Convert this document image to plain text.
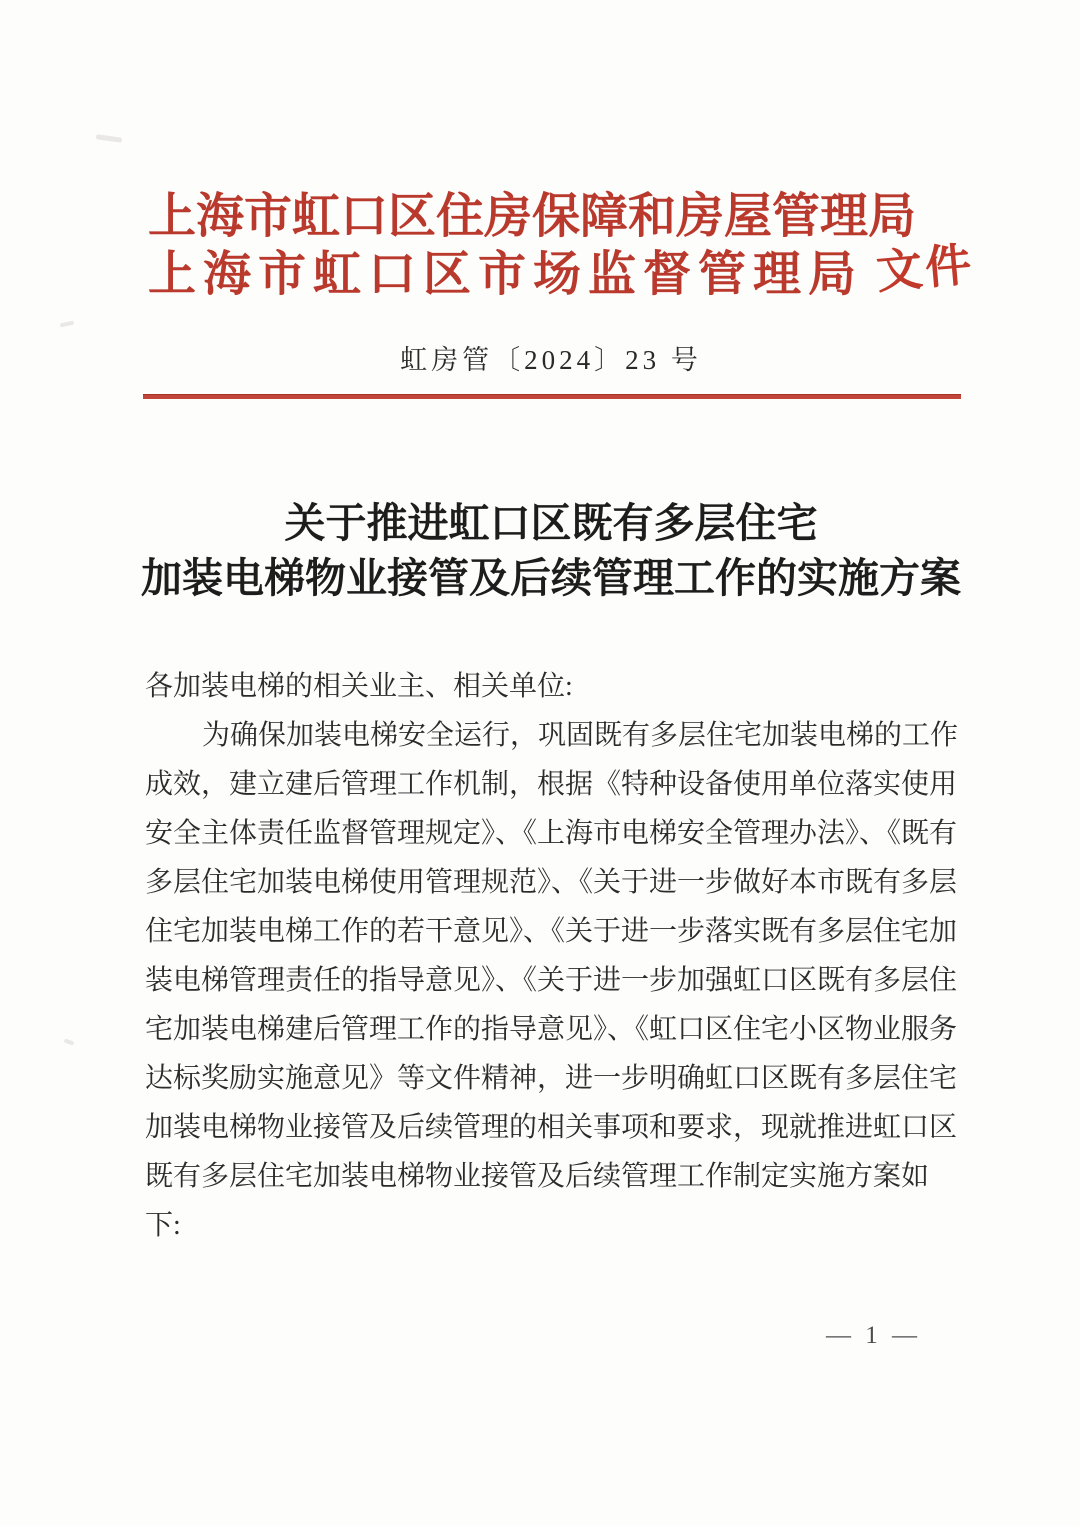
上海市虹口区住房保障和房屋管理局
上海市虹口区市场监督管理局 文件
虹房管〔2024〕23 号
关于推进虹口区既有多层住宅
加装电梯物业接管及后续管理工作的实施方案
各加装电梯的相关业主、相关单位:
为确保加装电梯安全运行，巩固既有多层住宅加装电梯的工作
成效，建立建后管理工作机制，根据《特种设备使用单位落实使用
安全主体责任监督管理规定》、《上海市电梯安全管理办法》、《既有
多层住宅加装电梯使用管理规范》、《关于进一步做好本市既有多层
住宅加装电梯工作的若干意见》、《关于进一步落实既有多层住宅加
装电梯管理责任的指导意见》、《关于进一步加强虹口区既有多层住
宅加装电梯建后管理工作的指导意见》、《虹口区住宅小区物业服务
达标奖励实施意见》等文件精神，进一步明确虹口区既有多层住宅
加装电梯物业接管及后续管理的相关事项和要求，现就推进虹口区
既有多层住宅加装电梯物业接管及后续管理工作制定实施方案如
下:
— 1 —
